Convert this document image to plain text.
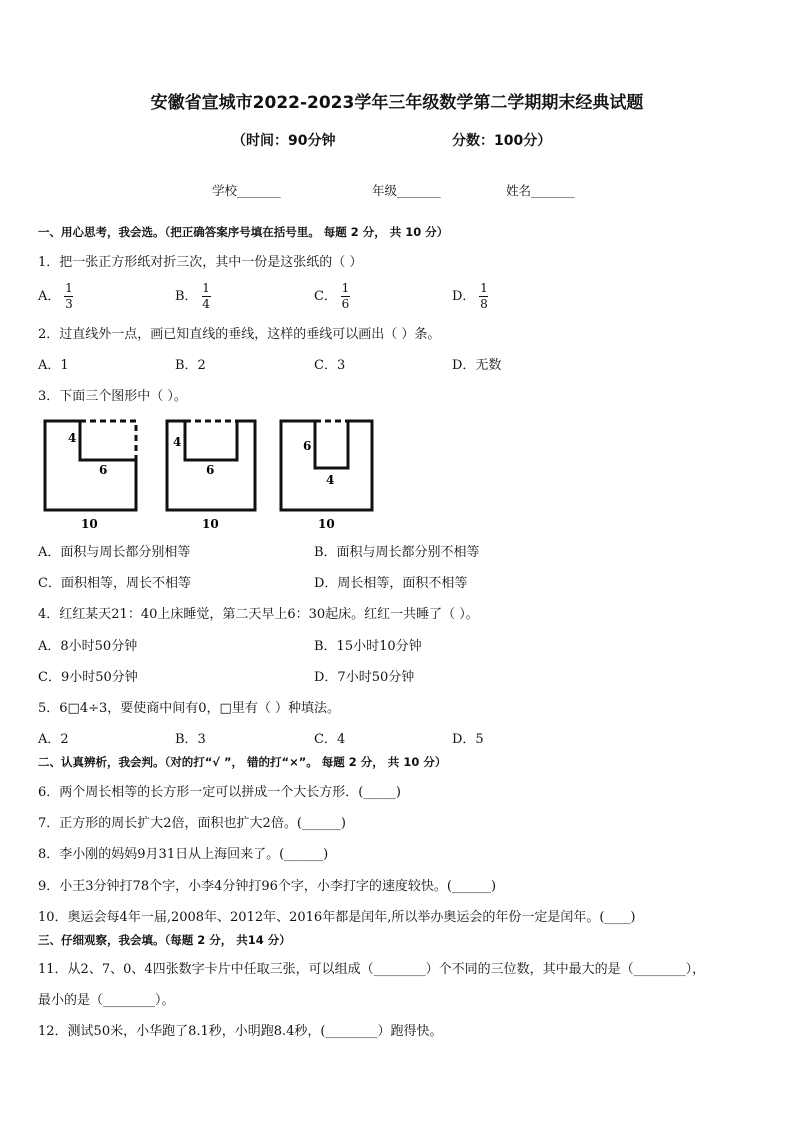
安徽省宣城市2022-2023学年三年级数学第二学期期末经典试题
（时间：90分钟	分数：100分）
学校_______	年级_______	姓名_______
一、用心思考，我会选。（把正确答案序号填在括号里。 每题 2 分， 共 10 分）
1．把一张正方形纸对折三次，其中一份是这张纸的（ ）
A． $\frac{1}{3}$	B． $\frac{1}{4}$	C． $\frac{1}{6}$	D． $\frac{1}{8}$
2．过直线外一点，画已知直线的垂线，这样的垂线可以画出（ ）条。
A．1	B．2	C．3	D．无数
3．下面三个图形中（ ）。
4
6
10
4
6
10
6
4
10
A．面积与周长都分别相等	B．面积与周长都分别不相等
C．面积相等，周长不相等	D．周长相等，面积不相等
4．红红某天21：40上床睡觉，第二天早上6：30起床。红红一共睡了（ ）。
A．8小时50分钟	B．15小时10分钟
C．9小时50分钟	D．7小时50分钟
5．6□4÷3，要使商中间有0，□里有（ ）种填法。
A．2	B．3	C．4	D．5
二、认真辨析，我会判。（对的打“√ ”， 错的打“×”。 每题 2 分， 共 10 分）
6．两个周长相等的长方形一定可以拼成一个大长方形．(_____)
7．正方形的周长扩大2倍，面积也扩大2倍。(______)
8．李小刚的妈妈9月31日从上海回来了。(______)
9．小王3分钟打78个字，小李4分钟打96个字，小李打字的速度较快。(______)
10．奥运会每4年一届,2008年、2012年、2016年都是闰年,所以举办奥运会的年份一定是闰年。(____)
三、仔细观察，我会填。（每题 2 分， 共14 分）
11．从2、7、0、4四张数字卡片中任取三张，可以组成（________）个不同的三位数，其中最大的是（________），
最小的是（________）。
12．测试50米，小华跑了8.1秒，小明跑8.4秒，(________）跑得快。
